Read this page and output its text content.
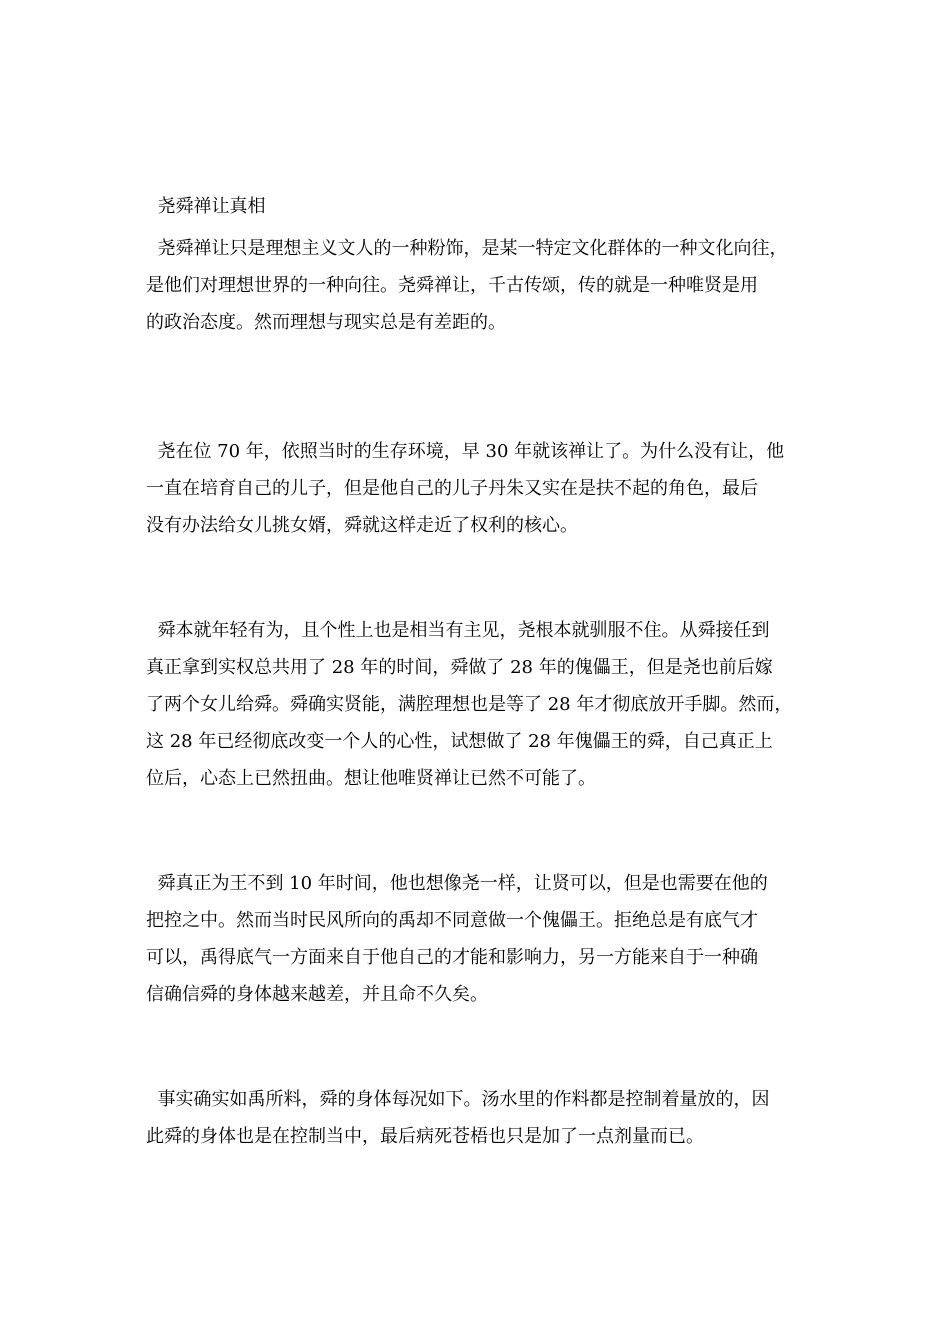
尧舜禅让真相
尧舜禅让只是理想主义文人的一种粉饰，是某一特定文化群体的一种文化向往，
是他们对理想世界的一种向往。尧舜禅让，千古传颂，传的就是一种唯贤是用
的政治态度。然而理想与现实总是有差距的。
尧在位 70 年，依照当时的生存环境，早 30 年就该禅让了。为什么没有让，他
一直在培育自己的儿子，但是他自己的儿子丹朱又实在是扶不起的角色，最后
没有办法给女儿挑女婿，舜就这样走近了权利的核心。
舜本就年轻有为，且个性上也是相当有主见，尧根本就驯服不住。从舜接任到
真正拿到实权总共用了 28 年的时间，舜做了 28 年的傀儡王，但是尧也前后嫁
了两个女儿给舜。舜确实贤能，满腔理想也是等了 28 年才彻底放开手脚。然而，
这 28 年已经彻底改变一个人的心性，试想做了 28 年傀儡王的舜，自己真正上
位后，心态上已然扭曲。想让他唯贤禅让已然不可能了。
舜真正为王不到 10 年时间，他也想像尧一样，让贤可以，但是也需要在他的
把控之中。然而当时民风所向的禹却不同意做一个傀儡王。拒绝总是有底气才
可以，禹得底气一方面来自于他自己的才能和影响力，另一方能来自于一种确
信确信舜的身体越来越差，并且命不久矣。
事实确实如禹所料，舜的身体每况如下。汤水里的作料都是控制着量放的，因
此舜的身体也是在控制当中，最后病死苍梧也只是加了一点剂量而已。
